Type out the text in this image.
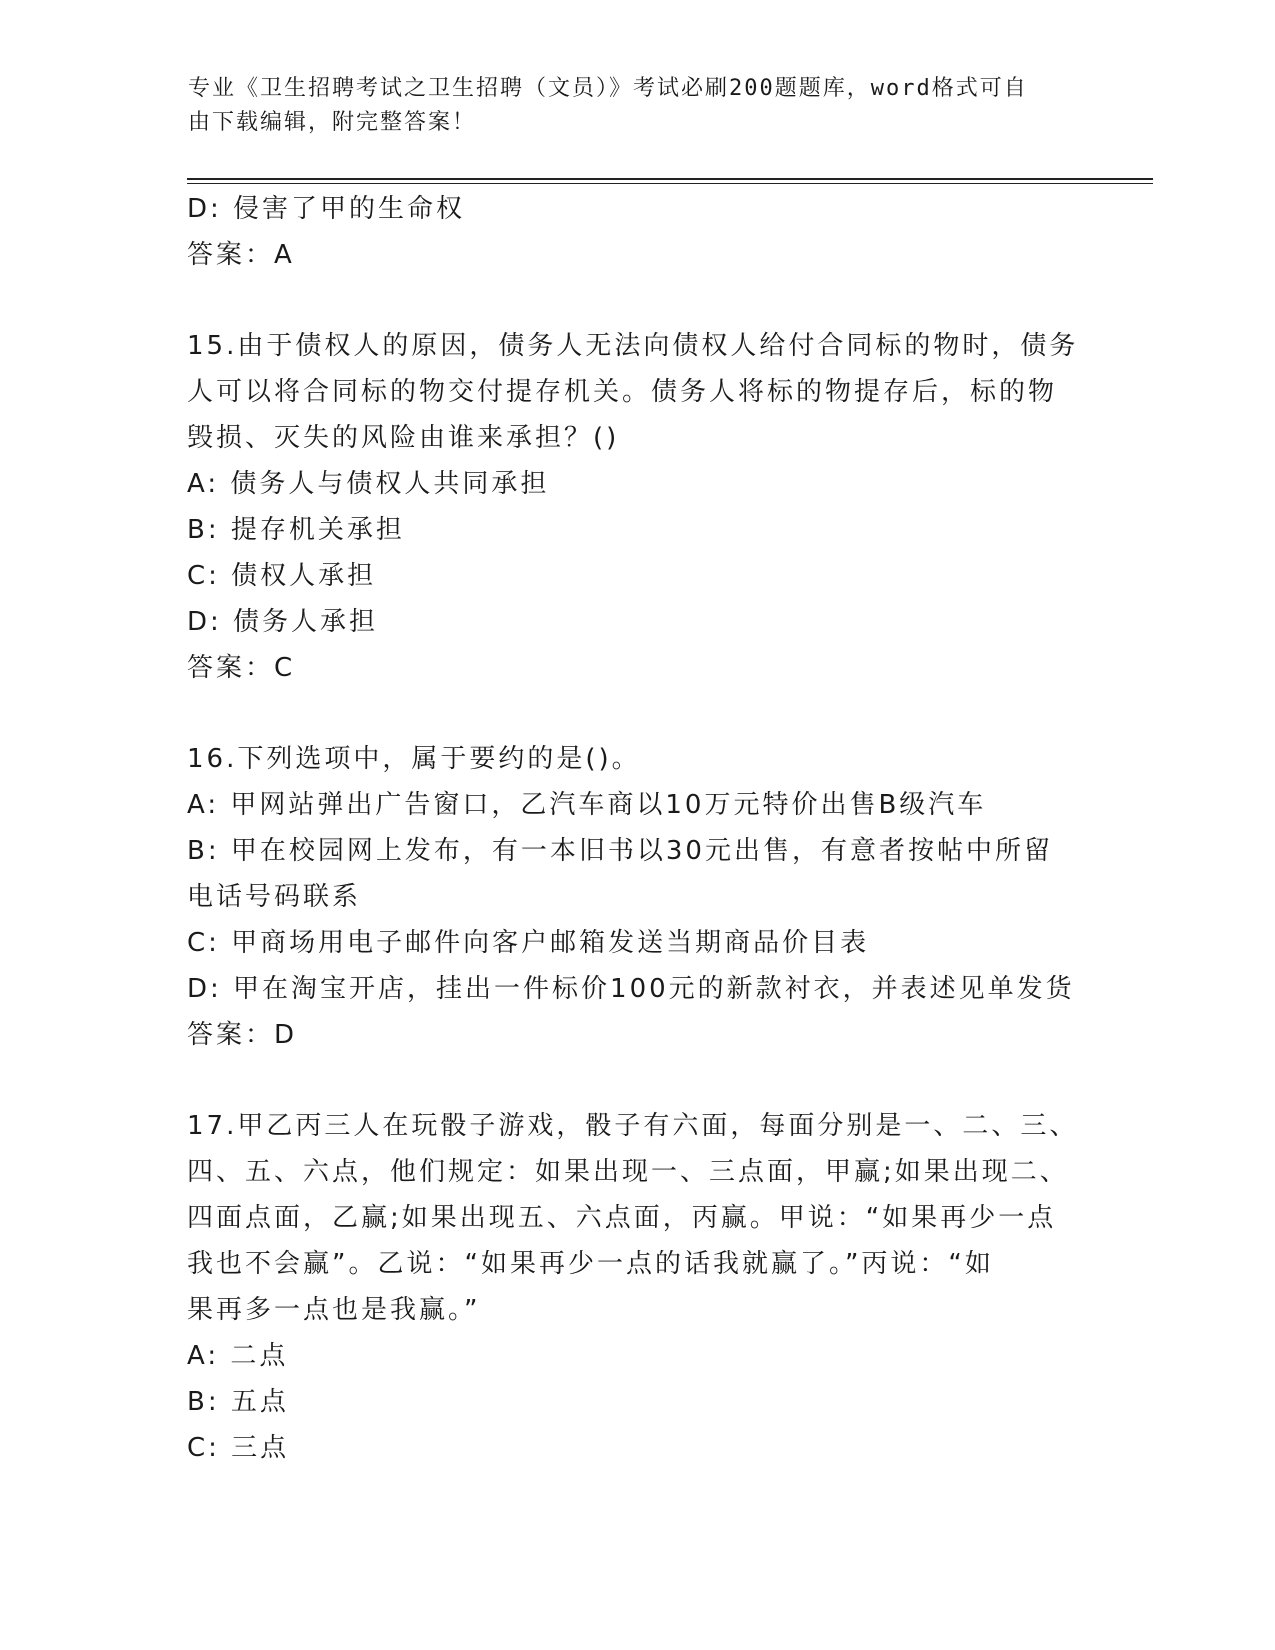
专业《卫生招聘考试之卫生招聘（文员）》考试必刷200题题库，word格式可自
由下载编辑，附完整答案！
D: 侵害了甲的生命权
答案：A
15.由于债权人的原因，债务人无法向债权人给付合同标的物时，债务
人可以将合同标的物交付提存机关。债务人将标的物提存后，标的物
毁损、灭失的风险由谁来承担？()
A: 债务人与债权人共同承担
B: 提存机关承担
C: 债权人承担
D: 债务人承担
答案：C
16.下列选项中，属于要约的是()。
A: 甲网站弹出广告窗口，乙汽车商以10万元特价出售B级汽车
B: 甲在校园网上发布，有一本旧书以30元出售，有意者按帖中所留
电话号码联系
C: 甲商场用电子邮件向客户邮箱发送当期商品价目表
D: 甲在淘宝开店，挂出一件标价100元的新款衬衣，并表述见单发货
答案：D
17.甲乙丙三人在玩骰子游戏，骰子有六面，每面分别是一、二、三、
四、五、六点，他们规定：如果出现一、三点面，甲赢;如果出现二、
四面点面，乙赢;如果出现五、六点面，丙赢。甲说：“如果再少一点
我也不会赢”。乙说：“如果再少一点的话我就赢了。”丙说：“如
果再多一点也是我赢。”
A: 二点
B: 五点
C: 三点
